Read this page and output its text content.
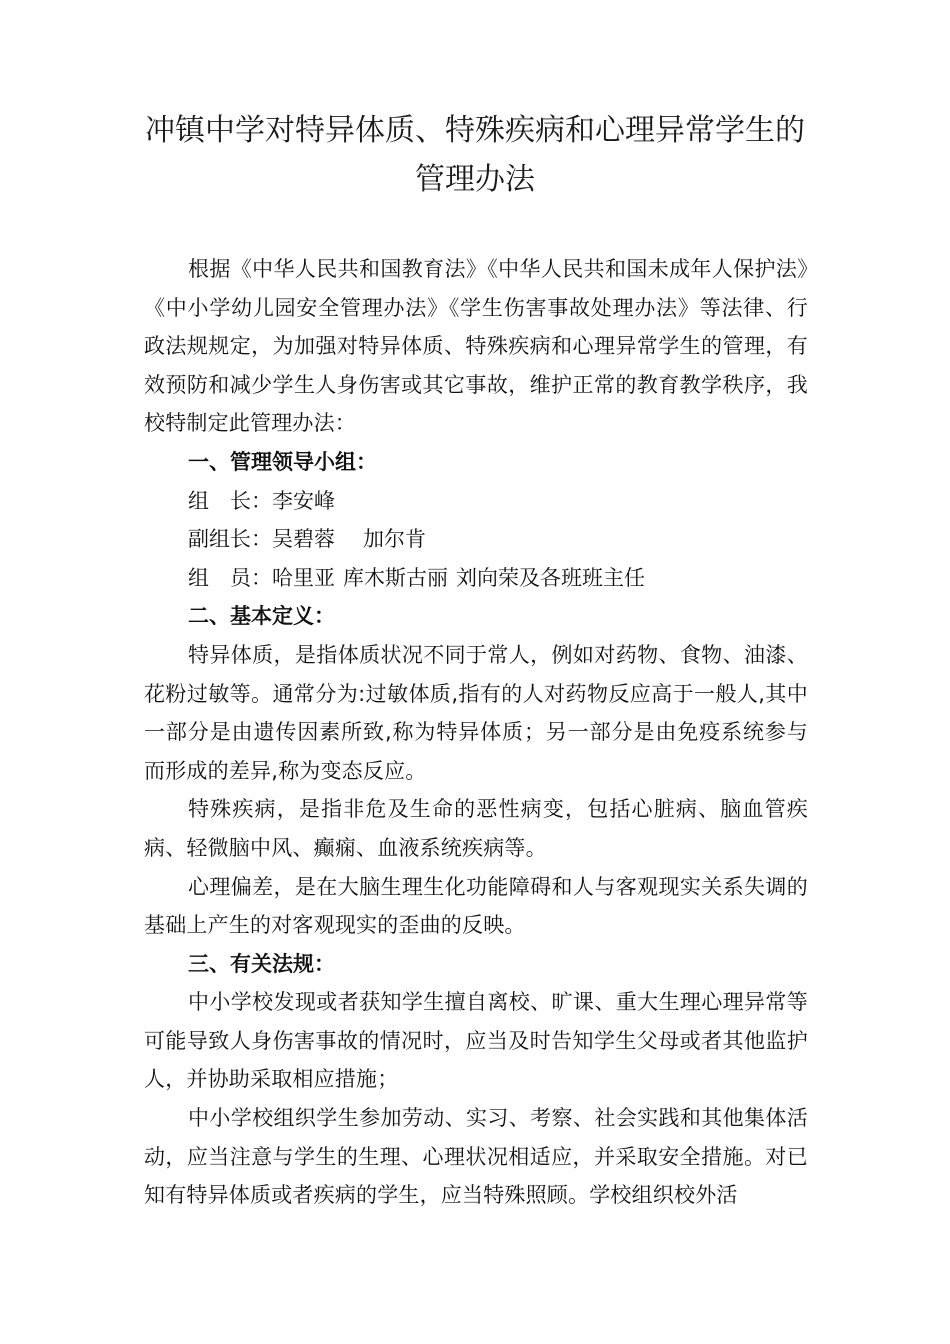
冲镇中学对特异体质、特殊疾病和心理异常学生的
管理办法

根据《中华人民共和国教育法》《中华人民共和国未成年人保护法》《中小学幼儿园安全管理办法》《学生伤害事故处理办法》等法律、行政法规规定，为加强对特异体质、特殊疾病和心理异常学生的管理，有效预防和减少学生人身伤害或其它事故，维护正常的教育教学秩序，我校特制定此管理办法：

一、管理领导小组：

组　长：李安峰

副组长：吴碧蓉 加尔肯

组　员：哈里亚 库木斯古丽 刘向荣及各班班主任

二、基本定义：

特异体质，是指体质状况不同于常人，例如对药物、食物、油漆、花粉过敏等。通常分为:过敏体质,指有的人对药物反应高于一般人,其中一部分是由遗传因素所致,称为特异体质；另一部分是由免疫系统参与而形成的差异,称为变态反应。

特殊疾病，是指非危及生命的恶性病变，包括心脏病、脑血管疾病、轻微脑中风、癫痫、血液系统疾病等。

心理偏差，是在大脑生理生化功能障碍和人与客观现实关系失调的基础上产生的对客观现实的歪曲的反映。

三、有关法规：

中小学校发现或者获知学生擅自离校、旷课、重大生理心理异常等可能导致人身伤害事故的情况时，应当及时告知学生父母或者其他监护人，并协助采取相应措施；

中小学校组织学生参加劳动、实习、考察、社会实践和其他集体活动，应当注意与学生的生理、心理状况相适应，并采取安全措施。对已知有特异体质或者疾病的学生，应当特殊照顾。学校组织校外活
